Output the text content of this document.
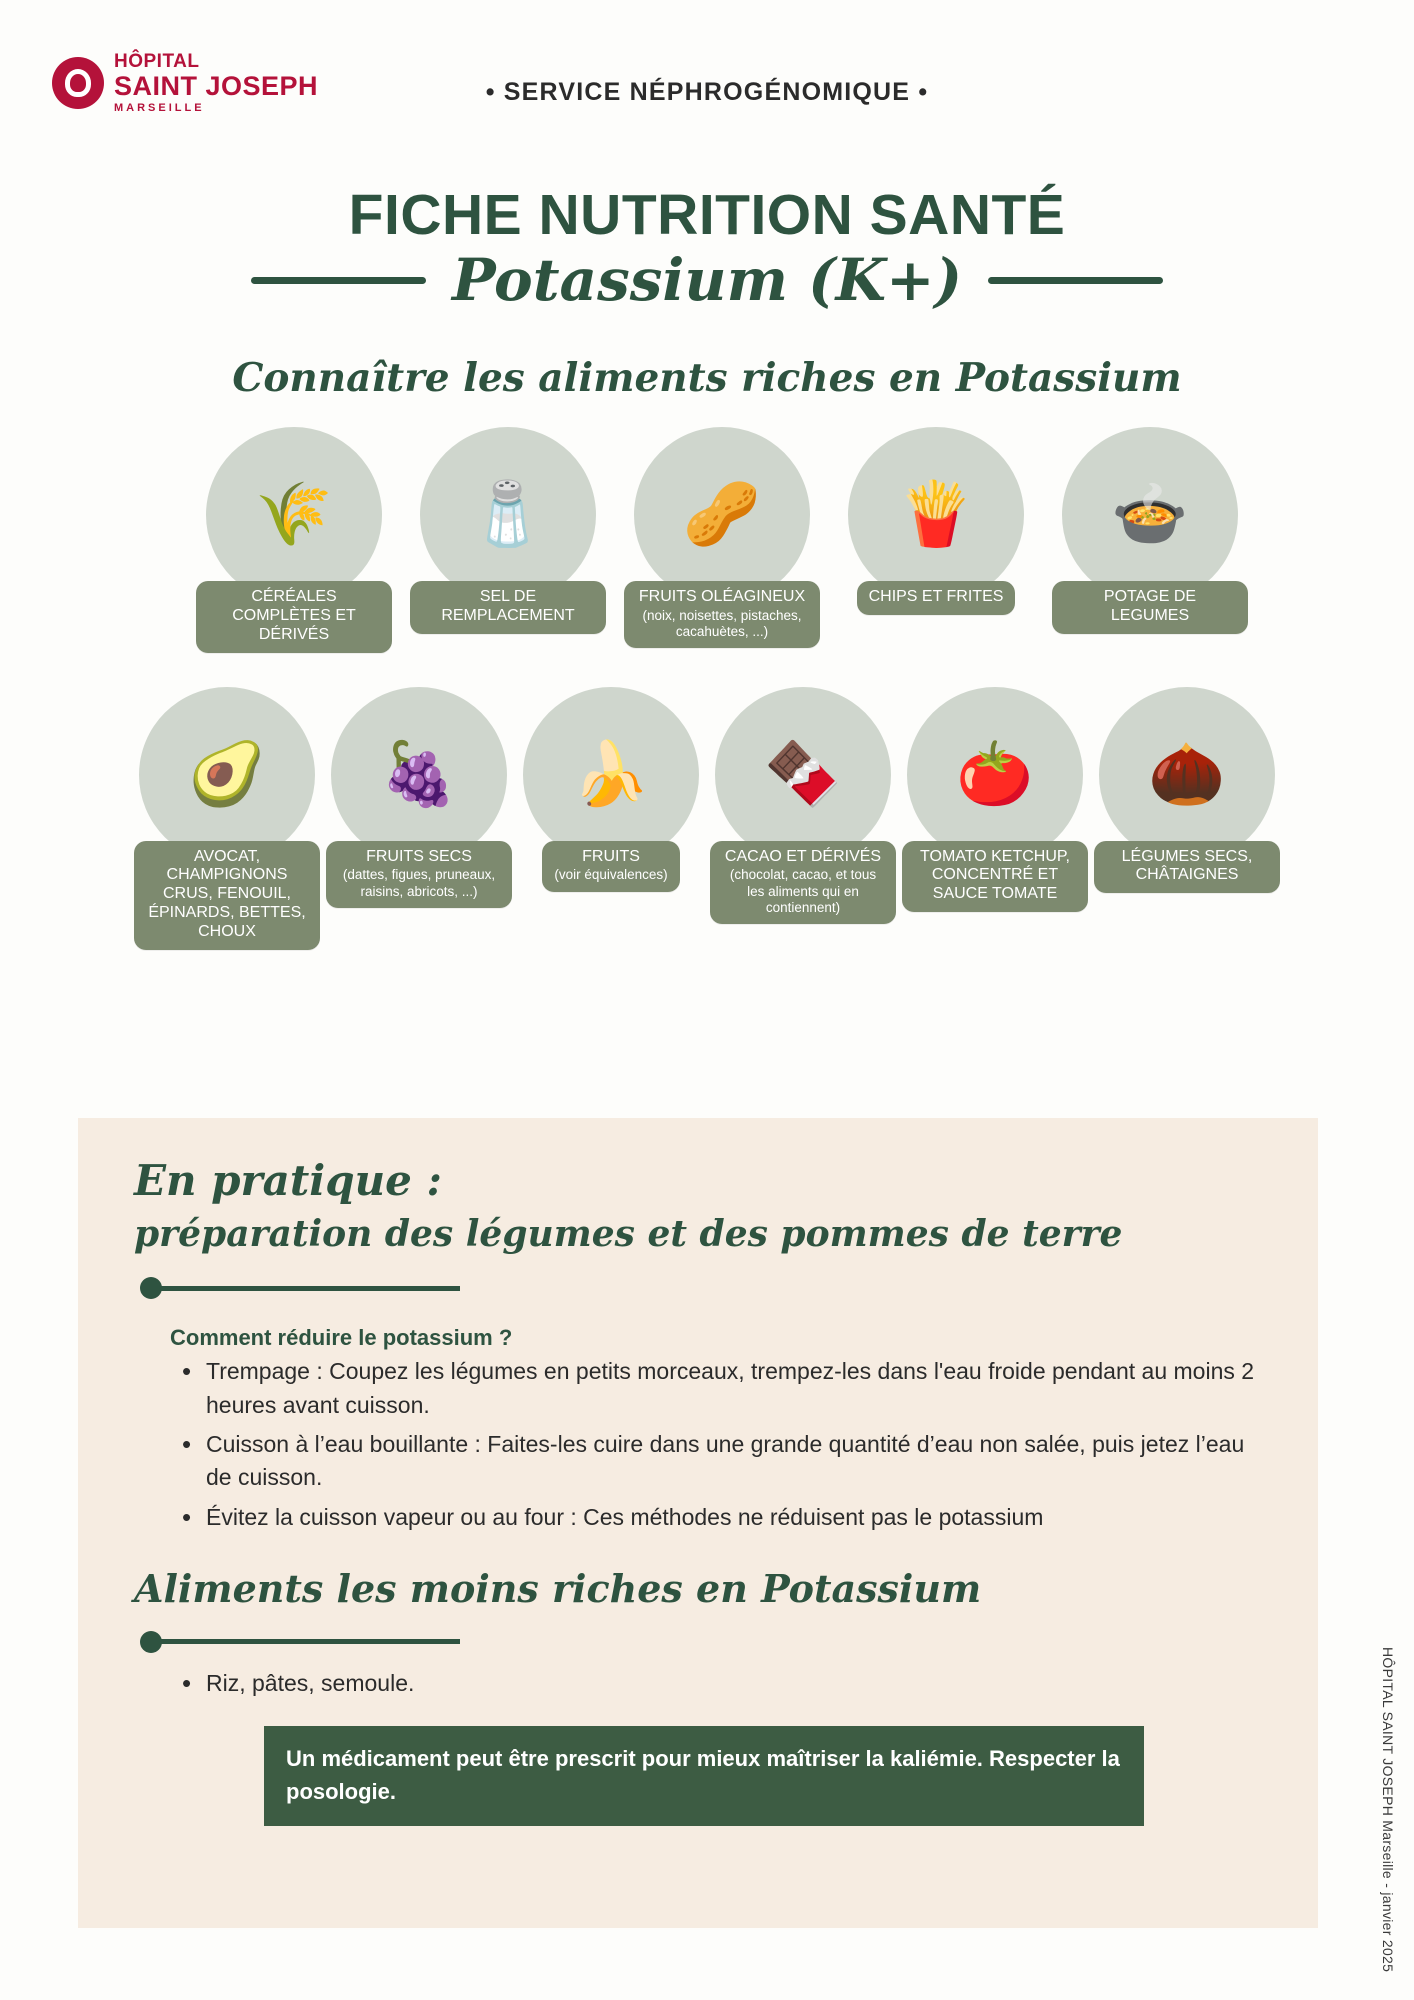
HÔPITAL
SAINT JOSEPH
MARSEILLE
• SERVICE NÉPHROGÉNOMIQUE •
FICHE NUTRITION SANTÉ
Potassium (K+)
Connaître les aliments riches en Potassium
🌾
CÉRÉALES COMPLÈTES ET DÉRIVÉS
🧂
SEL DE REMPLACEMENT
🥜
FRUITS OLÉAGINEUX
(noix, noisettes, pistaches, cacahuètes, ...)
🍟
CHIPS ET FRITES
🍲
POTAGE DE LEGUMES
🥑
AVOCAT, CHAMPIGNONS CRUS, FENOUIL, ÉPINARDS, BETTES, CHOUX
🍇
FRUITS SECS
(dattes, figues, pruneaux, raisins, abricots, ...)
🍌
FRUITS
(voir équivalences)
🍫
CACAO ET DÉRIVÉS
(chocolat, cacao, et tous les aliments qui en contiennent)
🍅
TOMATO KETCHUP, CONCENTRÉ ET SAUCE TOMATE
🌰
LÉGUMES SECS, CHÂTAIGNES
En pratique :
préparation des légumes et des pommes de terre
Comment réduire le potassium ?
• Trempage : Coupez les légumes en petits morceaux, trempez-les dans l'eau froide pendant au moins 2 heures avant cuisson.
• Cuisson à l’eau bouillante : Faites-les cuire dans une grande quantité d’eau non salée, puis jetez l’eau de cuisson.
• Évitez la cuisson vapeur ou au four : Ces méthodes ne réduisent pas le potassium
Aliments les moins riches en Potassium
• Riz, pâtes, semoule.
Un médicament peut être prescrit pour mieux maîtriser la kaliémie. Respecter la posologie.	HÔPITAL SAINT JOSEPH Marseille - janvier 2025
